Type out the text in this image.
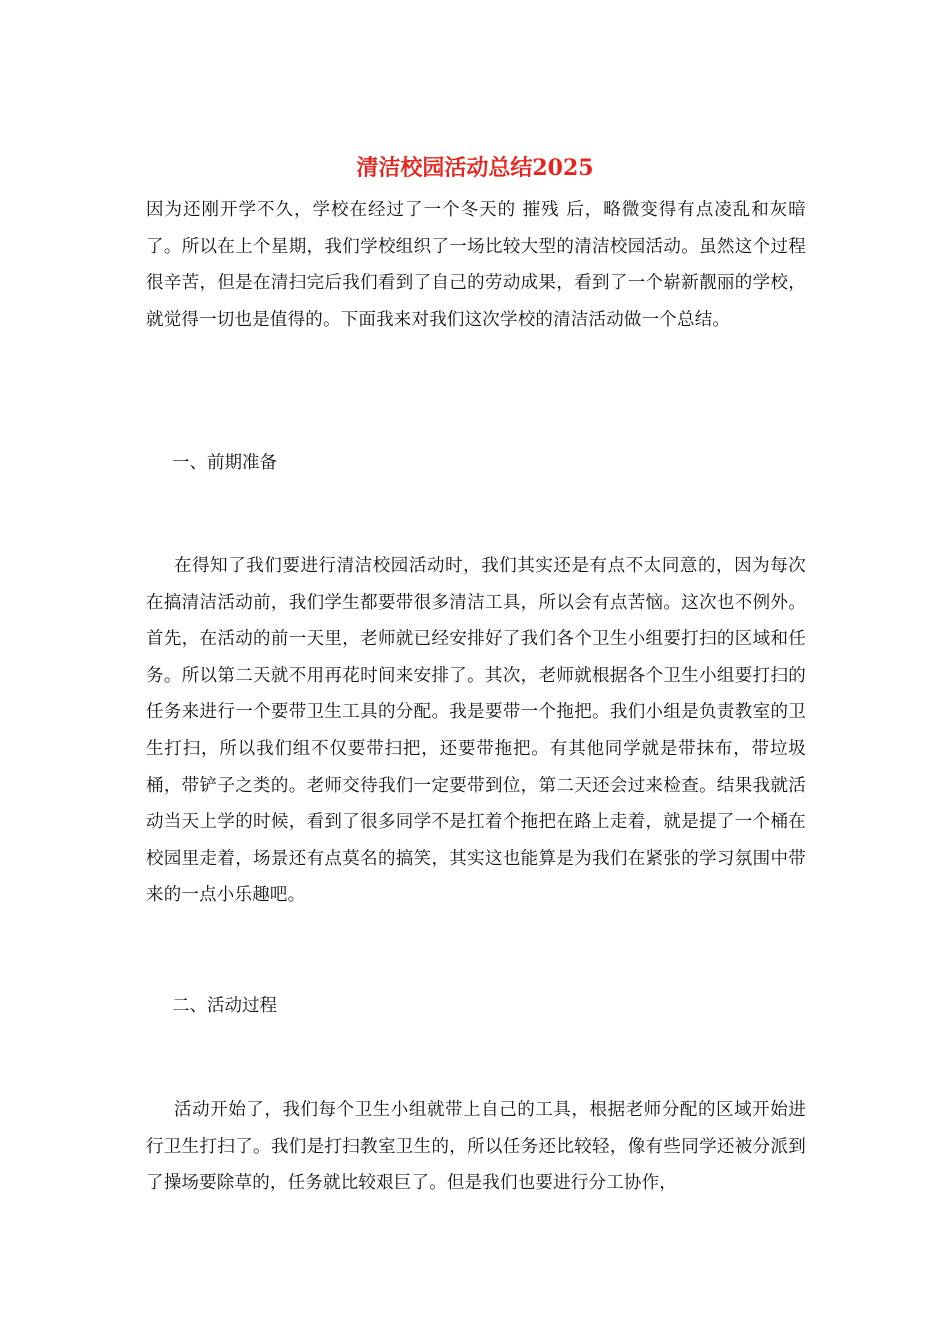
清洁校园活动总结2025

因为还刚开学不久，学校在经过了一个冬天的 摧残 后，略微变得有点凌乱和灰暗了。所以在上个星期，我们学校组织了一场比较大型的清洁校园活动。虽然这个过程很辛苦，但是在清扫完后我们看到了自己的劳动成果，看到了一个崭新靓丽的学校，就觉得一切也是值得的。下面我来对我们这次学校的清洁活动做一个总结。

一、前期准备

在得知了我们要进行清洁校园活动时，我们其实还是有点不太同意的，因为每次在搞清洁活动前，我们学生都要带很多清洁工具，所以会有点苦恼。这次也不例外。首先，在活动的前一天里，老师就已经安排好了我们各个卫生小组要打扫的区域和任务。所以第二天就不用再花时间来安排了。其次，老师就根据各个卫生小组要打扫的任务来进行一个要带卫生工具的分配。我是要带一个拖把。我们小组是负责教室的卫生打扫，所以我们组不仅要带扫把，还要带拖把。有其他同学就是带抹布，带垃圾桶，带铲子之类的。老师交待我们一定要带到位，第二天还会过来检查。结果我就活动当天上学的时候，看到了很多同学不是扛着个拖把在路上走着，就是提了一个桶在校园里走着，场景还有点莫名的搞笑，其实这也能算是为我们在紧张的学习氛围中带来的一点小乐趣吧。

二、活动过程

活动开始了，我们每个卫生小组就带上自己的工具，根据老师分配的区域开始进行卫生打扫了。我们是打扫教室卫生的，所以任务还比较轻，像有些同学还被分派到了操场要除草的，任务就比较艰巨了。但是我们也要进行分工协作，
